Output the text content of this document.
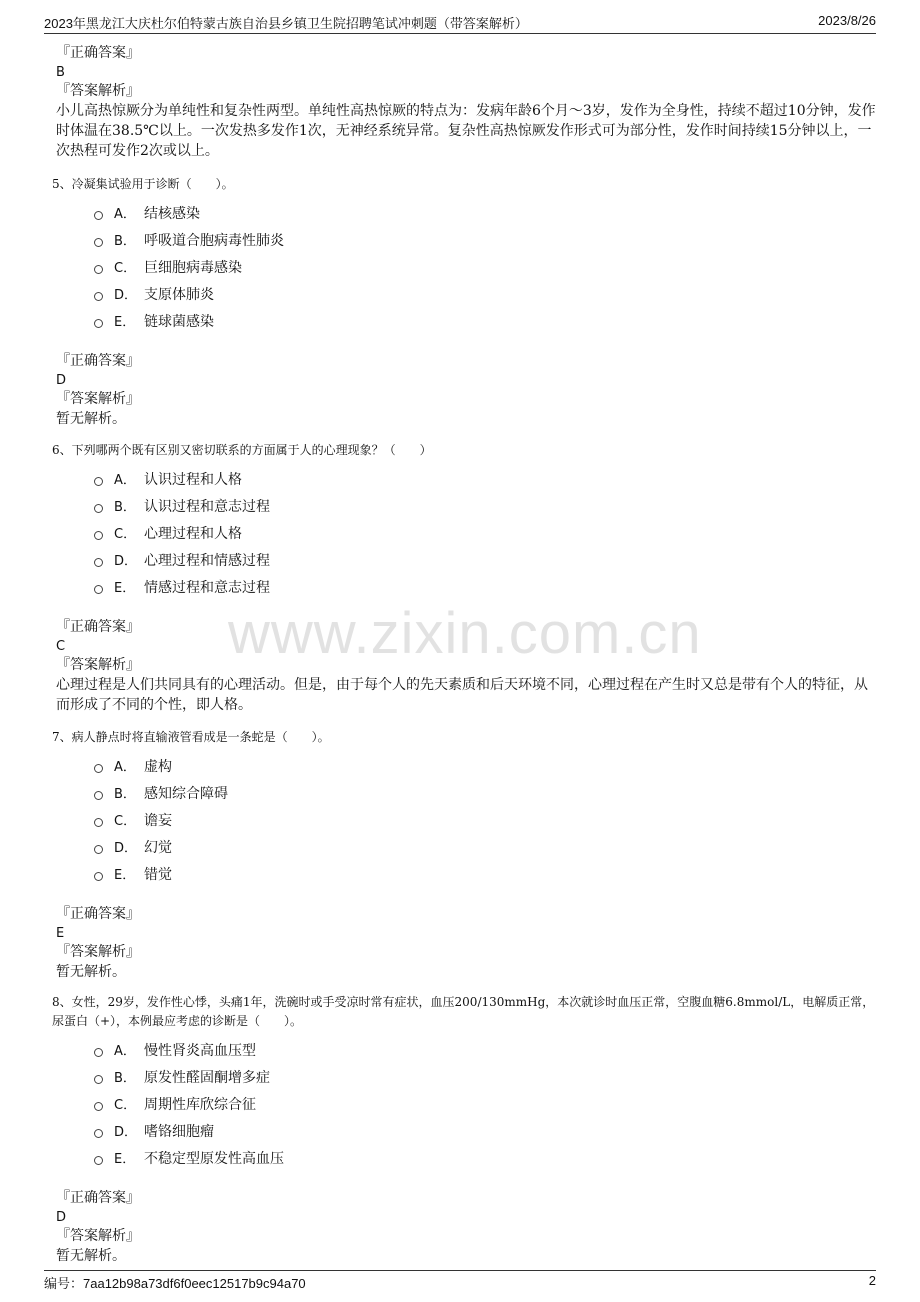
2023年黑龙江大庆杜尔伯特蒙古族自治县乡镇卫生院招聘笔试冲刺题（带答案解析）	2023/8/26
www.zixin.com.cn
『正确答案』
B
『答案解析』

小儿高热惊厥分为单纯性和复杂性两型。单纯性高热惊厥的特点为：发病年龄6个月～3岁，发作为全身性，持续不超过10分钟，发作时体温在38.5℃以上。一次发热多发作1次，无神经系统异常。复杂性高热惊厥发作形式可为部分性，发作时间持续15分钟以上，一次热程可发作2次或以上。

5、冷凝集试验用于诊断（　　）。
A． 结核感染
B． 呼吸道合胞病毒性肺炎
C． 巨细胞病毒感染
D． 支原体肺炎
E． 链球菌感染
『正确答案』
D
『答案解析』

暂无解析。

6、下列哪两个既有区别又密切联系的方面属于人的心理现象？（　　）
A． 认识过程和人格
B． 认识过程和意志过程
C． 心理过程和人格
D． 心理过程和情感过程
E． 情感过程和意志过程
『正确答案』
C
『答案解析』

心理过程是人们共同具有的心理活动。但是，由于每个人的先天素质和后天环境不同，心理过程在产生时又总是带有个人的特征，从而形成了不同的个性，即人格。

7、病人静点时将直输液管看成是一条蛇是（　　）。
A． 虚构
B． 感知综合障碍
C． 谵妄
D． 幻觉
E． 错觉
『正确答案』
E
『答案解析』

暂无解析。

8、女性，29岁，发作性心悸，头痛1年，洗碗时或手受凉时常有症状，血压200/130mmHg，本次就诊时血压正常，空腹血糖6.8mmol/L，电解质正常，尿蛋白（+），本例最应考虑的诊断是（　　）。
A． 慢性肾炎高血压型
B． 原发性醛固酮增多症
C． 周期性库欣综合征
D． 嗜铬细胞瘤
E． 不稳定型原发性高血压
『正确答案』
D
『答案解析』

暂无解析。

编号：7aa12b98a73df6f0eec12517b9c94a70	2
